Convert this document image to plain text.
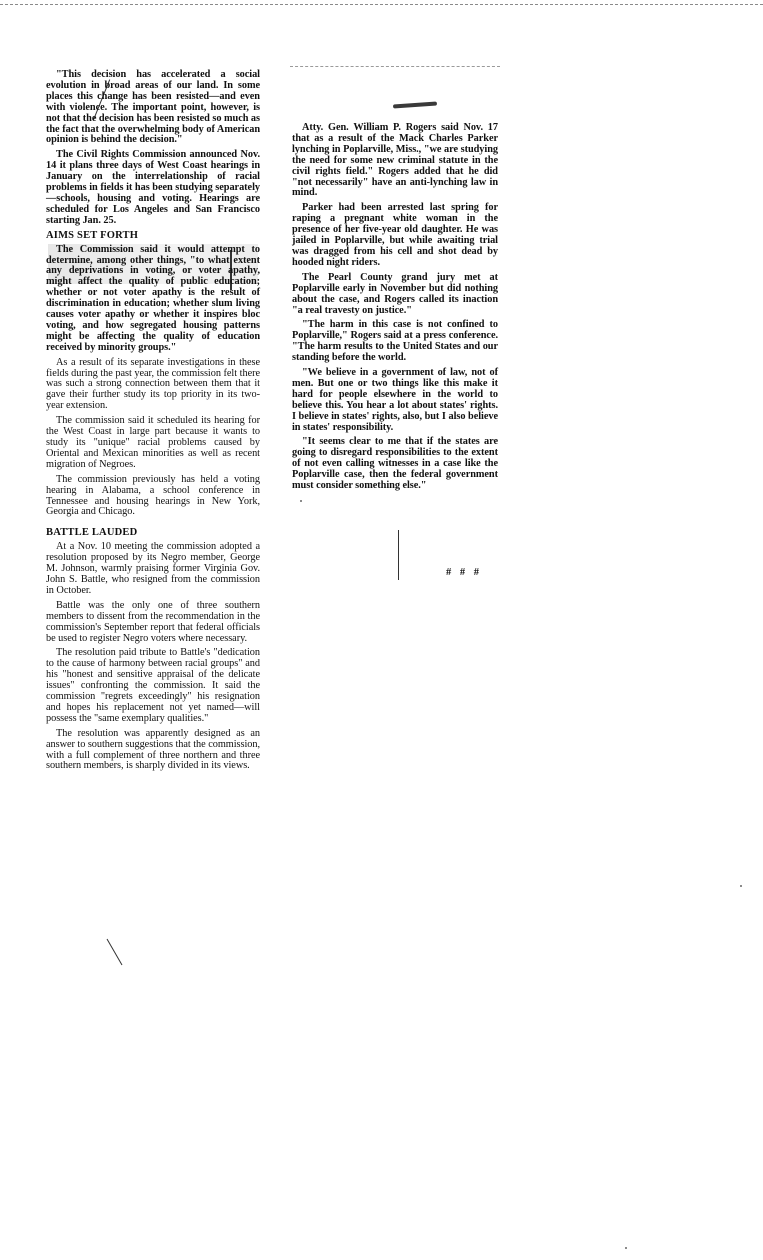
"This decision has accelerated a social evolution in broad areas of our land. In some places this change has been resisted—and even with violence. The important point, however, is not that the decision has been resisted so much as the fact that the overwhelming body of American opinion is behind the decision."

The Civil Rights Commission announced Nov. 14 it plans three days of West Coast hearings in January on the interrelationship of racial problems in fields it has been studying separately—schools, housing and voting. Hearings are scheduled for Los Angeles and San Francisco starting Jan. 25.

AIMS SET FORTH

The Commission said it would attempt to determine, among other things, "to what extent any deprivations in voting, or voter apathy, might affect the quality of public education; whether or not voter apathy is the result of discrimination in education; whether slum living causes voter apathy or whether it inspires bloc voting, and how segregated housing patterns might be affecting the quality of education received by minority groups."

As a result of its separate investigations in these fields during the past year, the commission felt there was such a strong connection between them that it gave their further study its top priority in its two-year extension.

The commission said it scheduled its hearing for the West Coast in large part because it wants to study its "unique" racial problems caused by Oriental and Mexican minorities as well as recent migration of Negroes.

The commission previously has held a voting hearing in Alabama, a school conference in Tennessee and housing hearings in New York, Georgia and Chicago.

BATTLE LAUDED

At a Nov. 10 meeting the commission adopted a resolution proposed by its Negro member, George M. Johnson, warmly praising former Virginia Gov. John S. Battle, who resigned from the commission in October.

Battle was the only one of three southern members to dissent from the recommendation in the commission's September report that federal officials be used to register Negro voters where necessary.

The resolution paid tribute to Battle's "dedication to the cause of harmony between racial groups" and his "honest and sensitive appraisal of the delicate issues" confronting the commission. It said the commission "regrets exceedingly" his resignation and hopes his replacement not yet named—will possess the "same exemplary qualities."

The resolution was apparently designed as an answer to southern suggestions that the commission, with a full complement of three northern and three southern members, is sharply divided in its views.

Atty. Gen. William P. Rogers said Nov. 17 that as a result of the Mack Charles Parker lynching in Poplarville, Miss., "we are studying the need for some new criminal statute in the civil rights field." Rogers added that he did "not necessarily" have an anti-lynching law in mind.

Parker had been arrested last spring for raping a pregnant white woman in the presence of her five-year old daughter. He was jailed in Poplarville, but while awaiting trial was dragged from his cell and shot dead by hooded night riders.

The Pearl County grand jury met at Poplarville early in November but did nothing about the case, and Rogers called its inaction "a real travesty on justice."

"The harm in this case is not confined to Poplarville," Rogers said at a press conference. "The harm results to the United States and our standing before the world.

"We believe in a government of law, not of men. But one or two things like this make it hard for people elsewhere in the world to believe this. You hear a lot about states' rights. I believe in states' rights, also, but I also believe in states' responsibility.

"It seems clear to me that if the states are going to disregard responsibilities to the extent of not even calling witnesses in a case like the Poplarville case, then the federal government must consider something else."

# # #
